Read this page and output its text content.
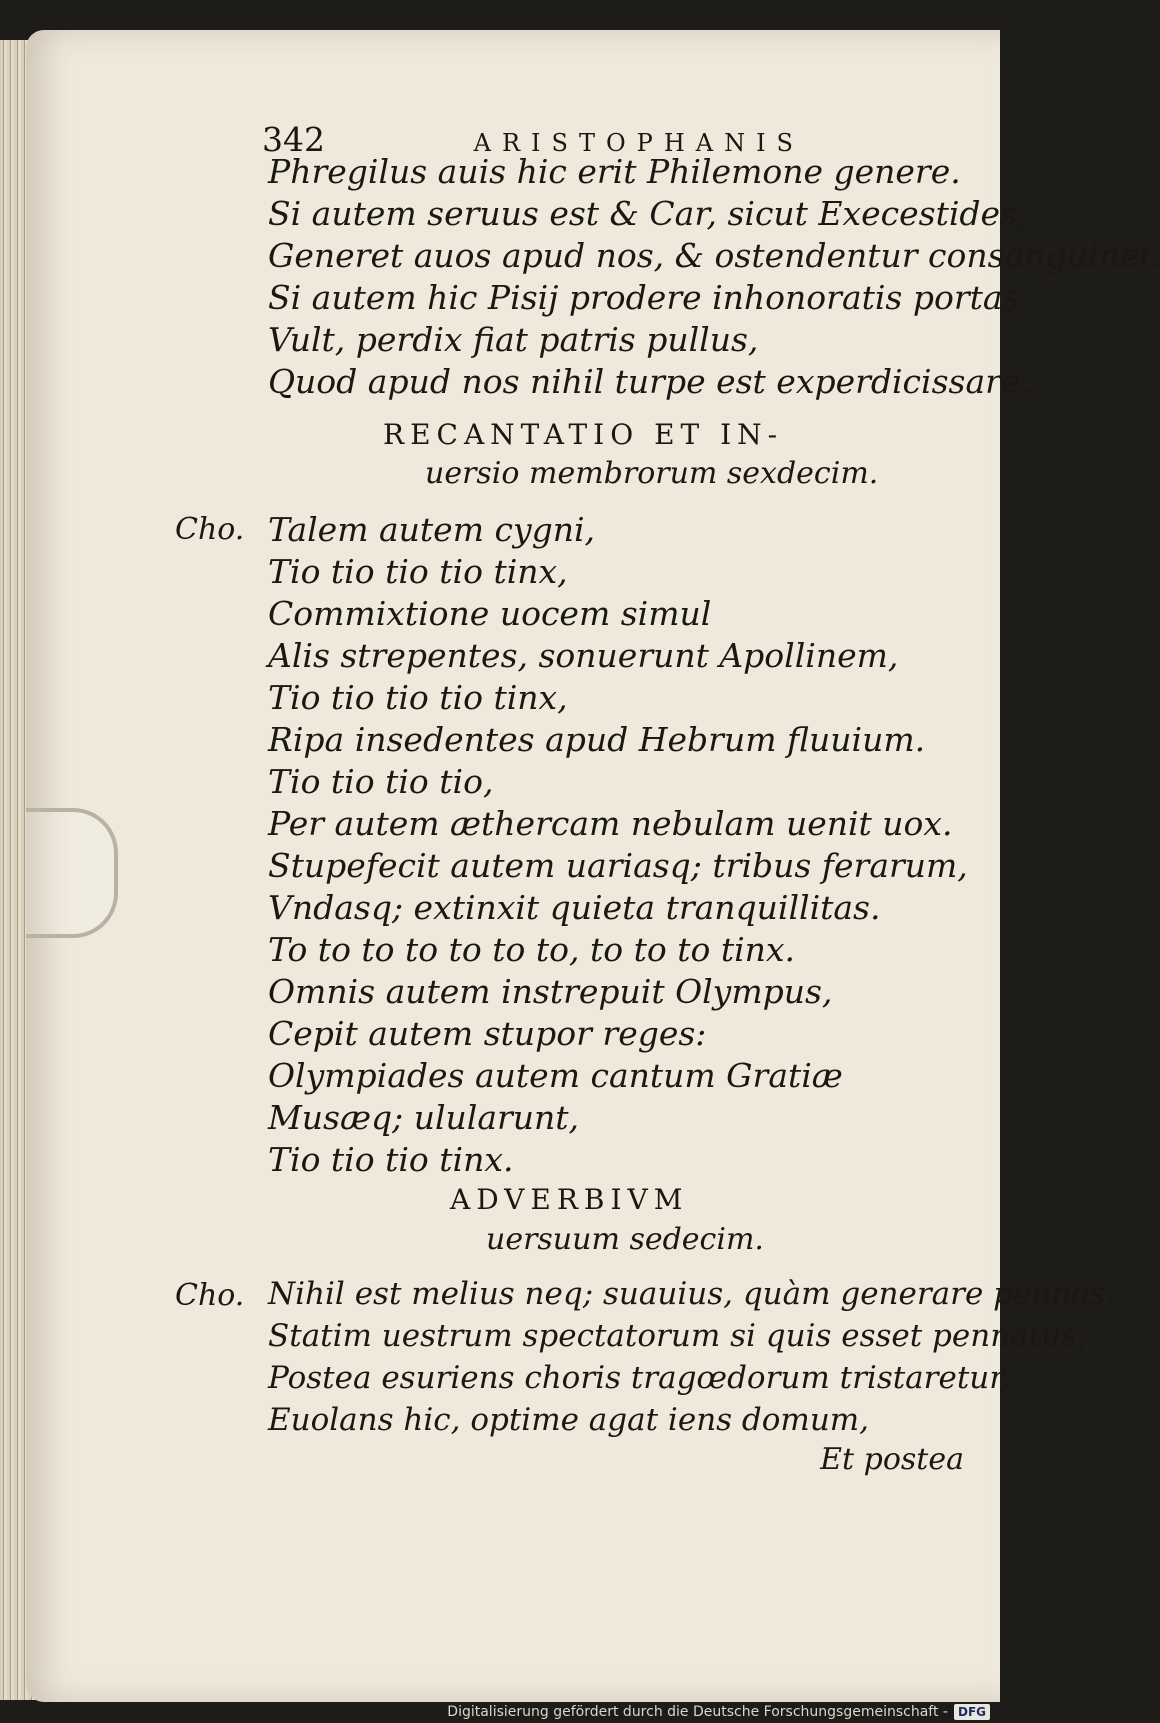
342	ARISTOPHANIS
Phregilus auis hic erit Philemone genere.
Si autem seruus est & Car, sicut Execestides,
Generet auos apud nos, & ostendentur consanguinei.
Si autem hic Pisij prodere inhonoratis portas
Vult, perdix fiat patris pullus,
Quod apud nos nihil turpe est experdicissare.
RECANTATIO ET IN-
uersio membrorum sexdecim.
Cho. Talem autem cygni,
Tio tio tio tio tinx,
Commixtione uocem simul
Alis strepentes, sonuerunt Apollinem,
Tio tio tio tio tinx,
Ripa insedentes apud Hebrum fluuium.
Tio tio tio tio,
Per autem æthercam nebulam uenit uox.
Stupefecit autem uariasq; tribus ferarum,
Vndasq; extinxit quieta tranquillitas.
To to to to to to to, to to to tinx.
Omnis autem instrepuit Olympus,
Cepit autem stupor reges:
Olympiades autem cantum Gratiæ
Musæq; ulularunt,
Tio tio tio tinx.
ADVERBIVM
uersuum sedecim.
Cho. Nihil est melius neq; suauius, quàm generare pennas.
Statim uestrum spectatorum si quis esset pennatus,
Postea esuriens choris tragœdorum tristaretur,
Euolans hic, optime agat iens domum,
Et postea
Digitalisierung gefördert durch die Deutsche Forschungsgemeinschaft - DFG
